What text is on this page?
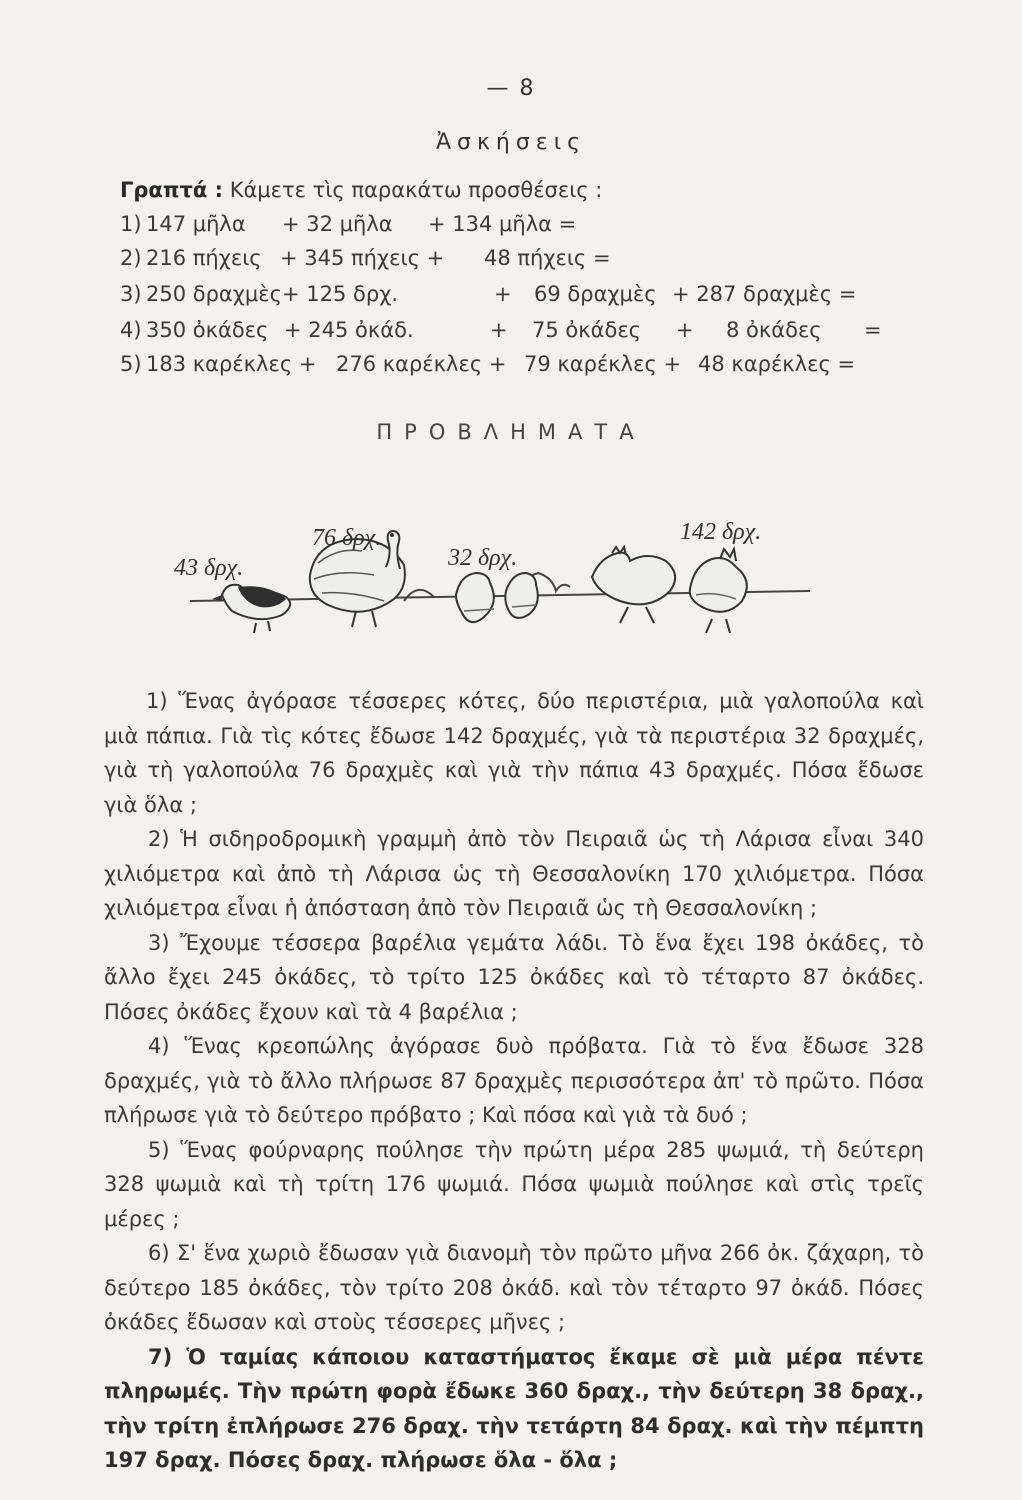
— 8
Ἀσκήσεις
Γραπτά : Κάμετε τὶς παρακάτω προσθέσεις :
1) 147 μῆλα + 32 μῆλα + 134 μῆλα =
2) 216 πήχεις + 345 πήχεις + 48 πήχεις =
3) 250 δραχμὲς + 125 δρχ.	+ 69 δραχμὲς + 287 δραχμὲς =
4) 350 ὀκάδες + 245 ὀκάδ.	+ 75 ὀκάδες + 8 ὀκάδες =
5) 183 καρέκλες + 276 καρέκλες + 79 καρέκλες + 48 καρέκλες =
ΠΡΟΒΛΗΜΑΤΑ
43 δρχ.
76 δρχ.
32 δρχ.
142 δρχ.

1) Ἕνας ἀγόρασε τέσσερες κότες, δύο περιστέρια, μιὰ γαλοπούλα καὶ μιὰ πάπια. Γιὰ τὶς κότες ἔδωσε 142 δραχμές, γιὰ τὰ περιστέρια 32 δραχμές, γιὰ τὴ γαλοπούλα 76 δραχμὲς καὶ γιὰ τὴν πάπια 43 δραχμές. Πόσα ἔδωσε γιὰ ὅλα ;

2) Ἡ σιδηροδρομικὴ γραμμὴ ἀπὸ τὸν Πειραιᾶ ὡς τὴ Λάρισα εἶναι 340 χιλιόμετρα καὶ ἀπὸ τὴ Λάρισα ὡς τὴ Θεσσαλονίκη 170 χιλιόμετρα. Πόσα χιλιόμετρα εἶναι ἡ ἀπόσταση ἀπὸ τὸν Πειραιᾶ ὡς τὴ Θεσσαλονίκη ;

3) Ἔχουμε τέσσερα βαρέλια γεμάτα λάδι. Τὸ ἕνα ἔχει 198 ὀκάδες, τὸ ἄλλο ἔχει 245 ὀκάδες, τὸ τρίτο 125 ὀκάδες καὶ τὸ τέταρτο 87 ὀκάδες. Πόσες ὀκάδες ἔχουν καὶ τὰ 4 βαρέλια ;

4) Ἕνας κρεοπώλης ἀγόρασε δυὸ πρόβατα. Γιὰ τὸ ἕνα ἔδωσε 328 δραχμές, γιὰ τὸ ἄλλο πλήρωσε 87 δραχμὲς περισσότερα ἀπ' τὸ πρῶτο. Πόσα πλήρωσε γιὰ τὸ δεύτερο πρόβατο ; Καὶ πόσα καὶ γιὰ τὰ δυό ;

5) Ἕνας φούρναρης πούλησε τὴν πρώτη μέρα 285 ψωμιά, τὴ δεύτερη 328 ψωμιὰ καὶ τὴ τρίτη 176 ψωμιά. Πόσα ψωμιὰ πούλησε καὶ στὶς τρεῖς μέρες ;

6) Σ' ἕνα χωριὸ ἔδωσαν γιὰ διανομὴ τὸν πρῶτο μῆνα 266 ὀκ. ζάχαρη, τὸ δεύτερο 185 ὀκάδες, τὸν τρίτο 208 ὀκάδ. καὶ τὸν τέταρτο 97 ὀκάδ. Πόσες ὀκάδες ἔδωσαν καὶ στοὺς τέσσερες μῆνες ;

7) Ὁ ταμίας κάποιου καταστήματος ἔκαμε σὲ μιὰ μέρα πέντε πληρωμές. Τὴν πρώτη φορὰ ἔδωκε 360 δραχ., τὴν δεύτερη 38 δραχ., τὴν τρίτη ἐπλήρωσε 276 δραχ. τὴν τετάρτη 84 δραχ. καὶ τὴν πέμπτη 197 δραχ. Πόσες δραχ. πλήρωσε ὅλα - ὅλα ;
